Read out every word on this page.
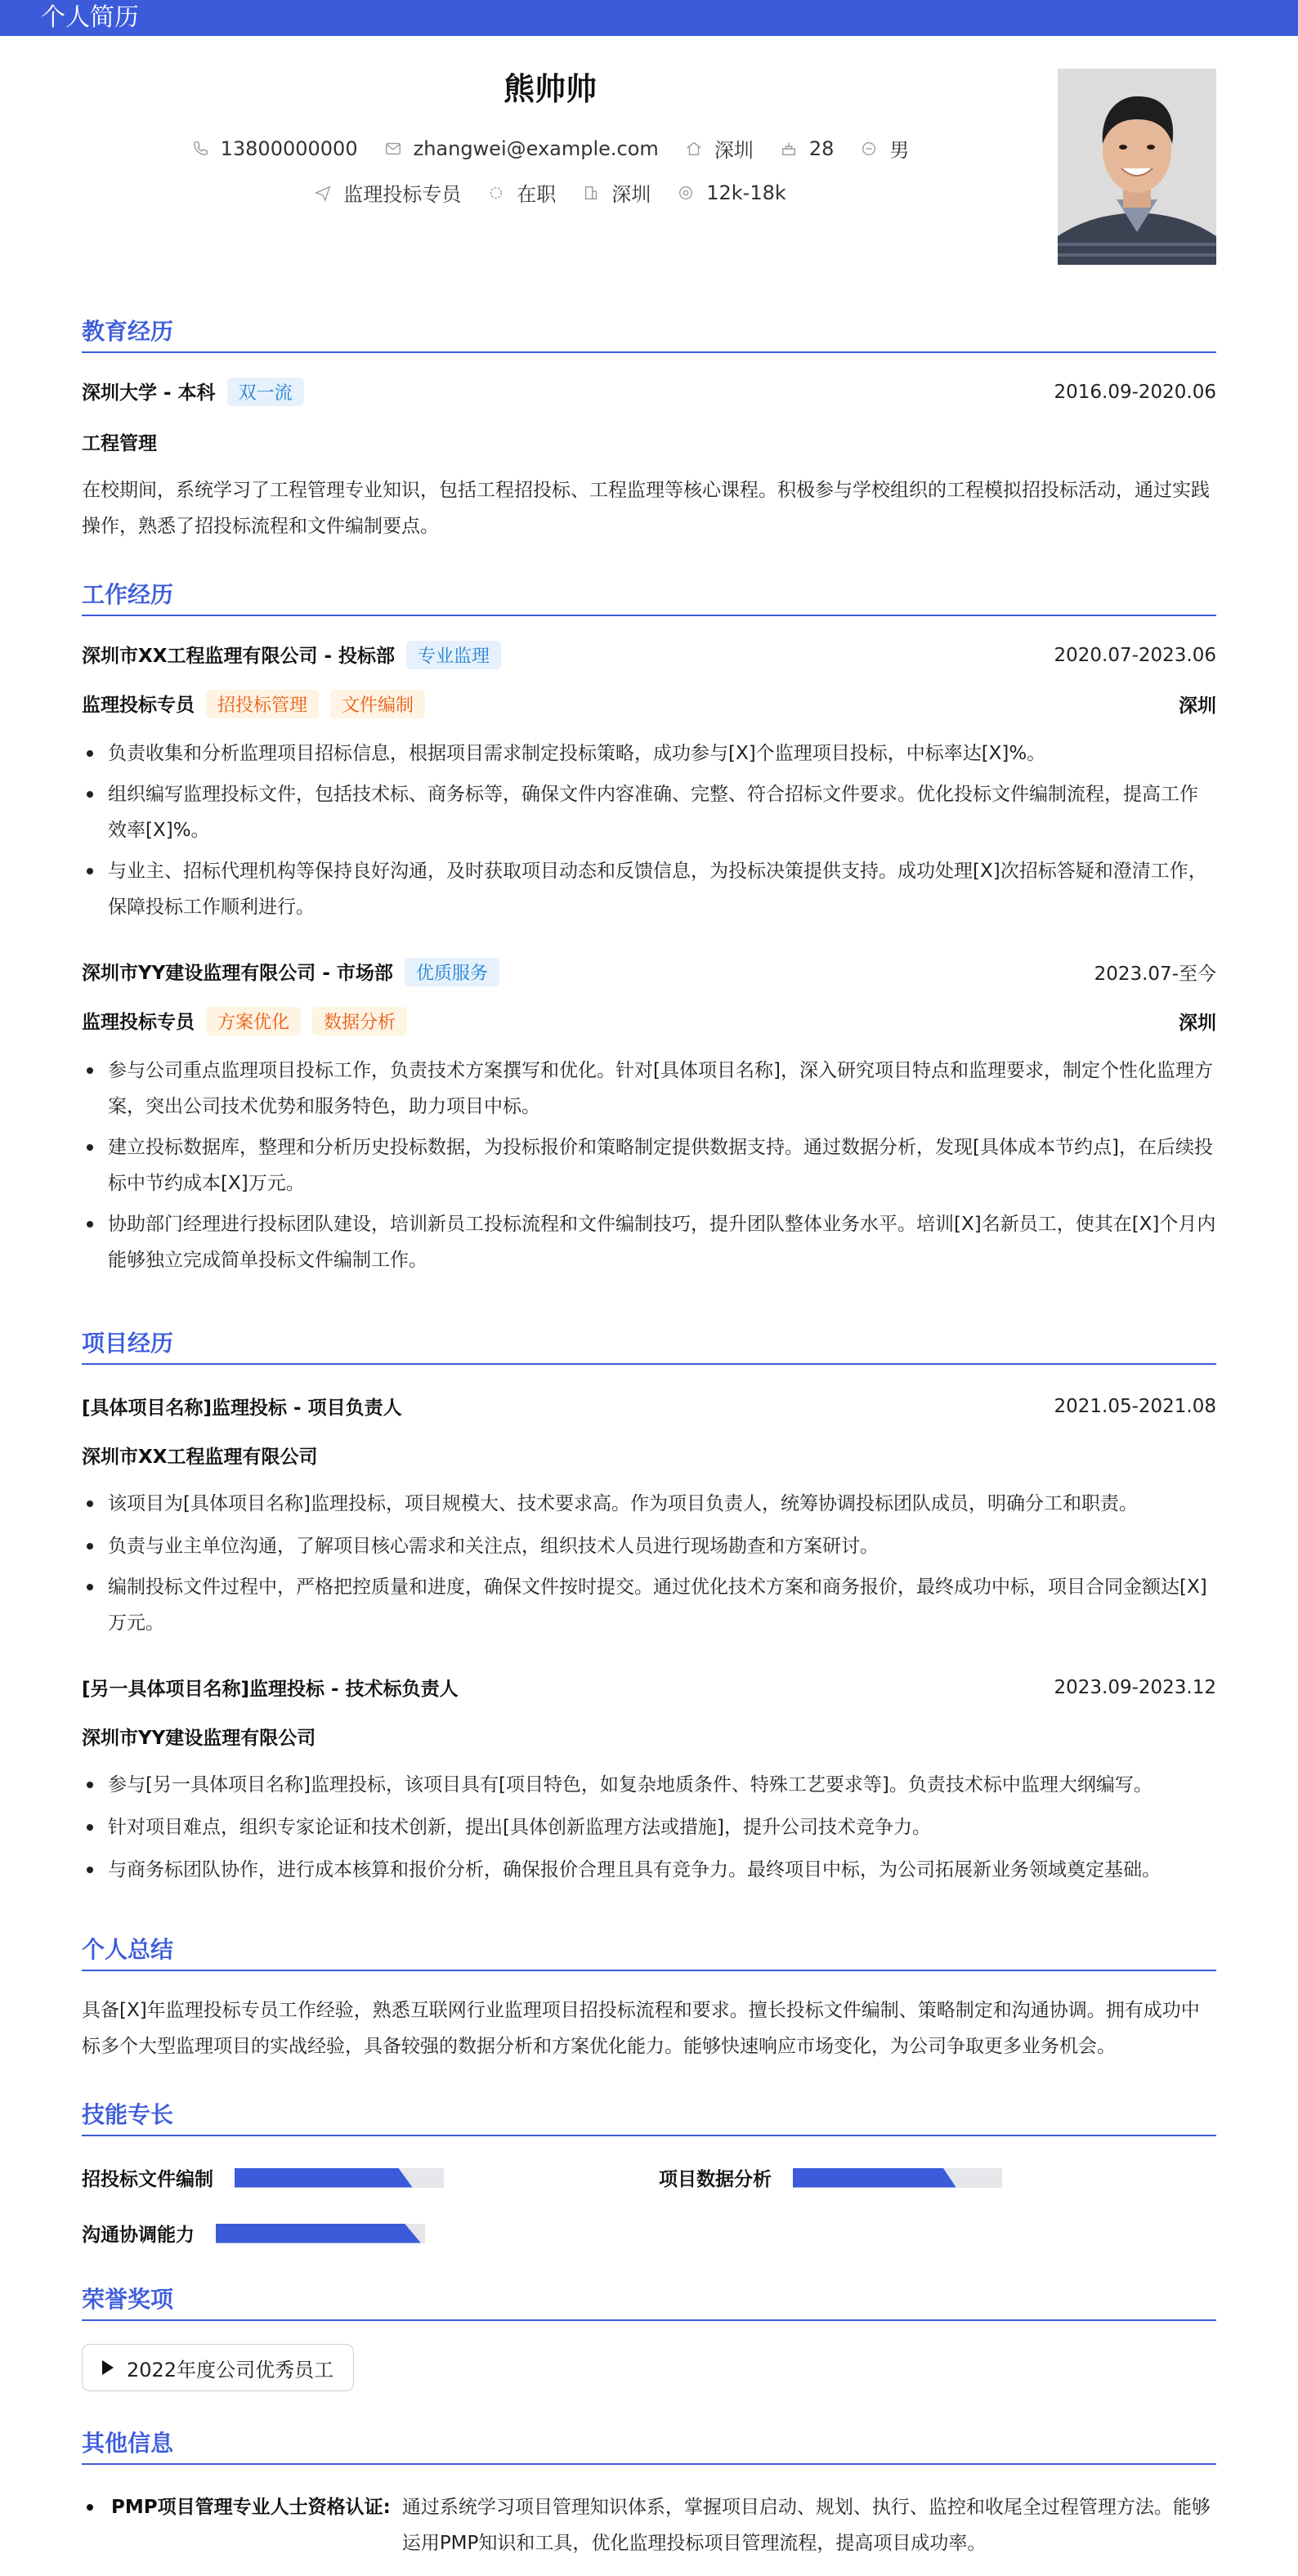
个人简历
熊帅帅
13800000000	zhangwei@example.com	深圳	28	男
监理投标专员	在职	深圳	12k-18k
教育经历
深圳大学 - 本科 双一流	2016.09-2020.06
工程管理
在校期间，系统学习了工程管理专业知识，包括工程招投标、工程监理等核心课程。积极参与学校组织的工程模拟招投标活动，通过实践操作，熟悉了招投标流程和文件编制要点。
工作经历
深圳市XX工程监理有限公司 - 投标部 专业监理	2020.07-2023.06
监理投标专员 招投标管理 文件编制	深圳
负责收集和分析监理项目招标信息，根据项目需求制定投标策略，成功参与[X]个监理项目投标，中标率达[X]%。
组织编写监理投标文件，包括技术标、商务标等，确保文件内容准确、完整、符合招标文件要求。优化投标文件编制流程，提高工作效率[X]%。
与业主、招标代理机构等保持良好沟通，及时获取项目动态和反馈信息，为投标决策提供支持。成功处理[X]次招标答疑和澄清工作，保障投标工作顺利进行。
深圳市YY建设监理有限公司 - 市场部 优质服务	2023.07-至今
监理投标专员 方案优化 数据分析	深圳
参与公司重点监理项目投标工作，负责技术方案撰写和优化。针对[具体项目名称]，深入研究项目特点和监理要求，制定个性化监理方案，突出公司技术优势和服务特色，助力项目中标。
建立投标数据库，整理和分析历史投标数据，为投标报价和策略制定提供数据支持。通过数据分析，发现[具体成本节约点]，在后续投标中节约成本[X]万元。
协助部门经理进行投标团队建设，培训新员工投标流程和文件编制技巧，提升团队整体业务水平。培训[X]名新员工，使其在[X]个月内能够独立完成简单投标文件编制工作。
项目经历
[具体项目名称]监理投标 - 项目负责人	2021.05-2021.08
深圳市XX工程监理有限公司
该项目为[具体项目名称]监理投标，项目规模大、技术要求高。作为项目负责人，统筹协调投标团队成员，明确分工和职责。
负责与业主单位沟通，了解项目核心需求和关注点，组织技术人员进行现场勘查和方案研讨。
编制投标文件过程中，严格把控质量和进度，确保文件按时提交。通过优化技术方案和商务报价，最终成功中标，项目合同金额达[X]万元。
[另一具体项目名称]监理投标 - 技术标负责人	2023.09-2023.12
深圳市YY建设监理有限公司
参与[另一具体项目名称]监理投标，该项目具有[项目特色，如复杂地质条件、特殊工艺要求等]。负责技术标中监理大纲编写。
针对项目难点，组织专家论证和技术创新，提出[具体创新监理方法或措施]，提升公司技术竞争力。
与商务标团队协作，进行成本核算和报价分析，确保报价合理且具有竞争力。最终项目中标，为公司拓展新业务领域奠定基础。
个人总结
具备[X]年监理投标专员工作经验，熟悉互联网行业监理项目招投标流程和要求。擅长投标文件编制、策略制定和沟通协调。拥有成功中标多个大型监理项目的实战经验，具备较强的数据分析和方案优化能力。能够快速响应市场变化，为公司争取更多业务机会。
技能专长
招投标文件编制	项目数据分析
沟通协调能力
荣誉奖项
2022年度公司优秀员工
其他信息
PMP项目管理专业人士资格认证: 通过系统学习项目管理知识体系，掌握项目启动、规划、执行、监控和收尾全过程管理方法。能够运用PMP知识和工具，优化监理投标项目管理流程，提高项目成功率。
